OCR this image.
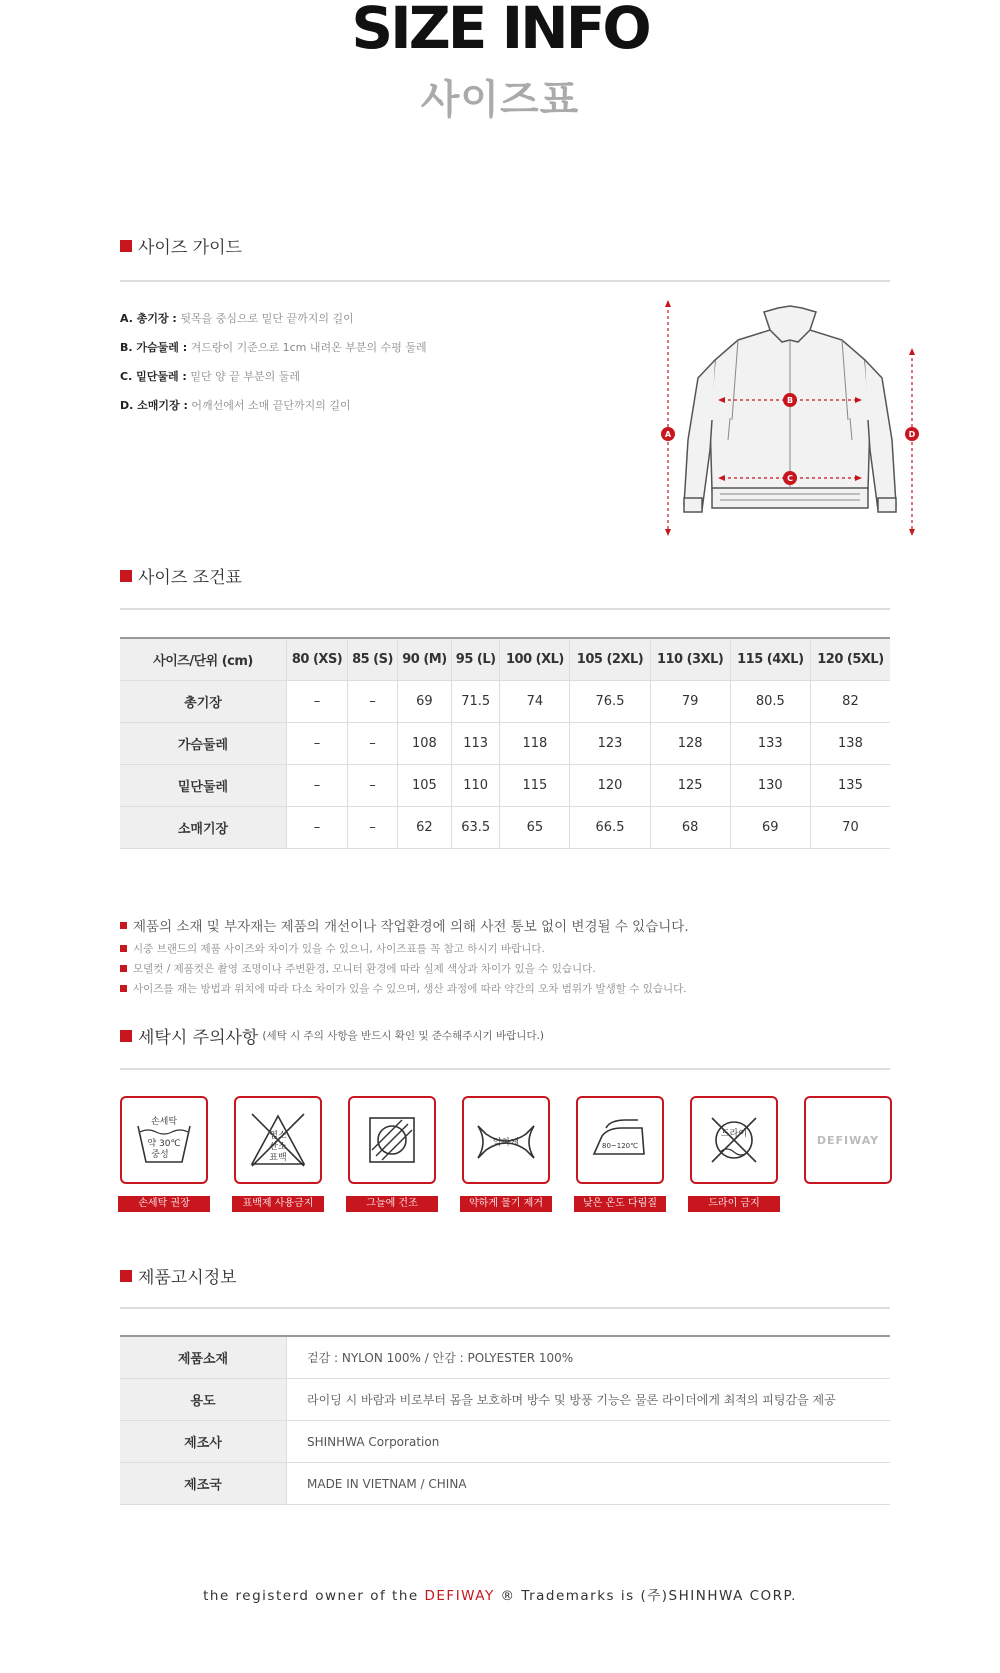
SIZE INFO
사이즈표
사이즈 가이드
A. 총기장 : 뒷목을 중심으로 밑단 끝까지의 길이
B. 가슴둘레 : 겨드랑이 기준으로 1cm 내려온 부분의 수평 둘레
C. 밑단둘레 : 밑단 양 끝 부분의 둘레
D. 소매기장 : 어깨선에서 소매 끝단까지의 길이
A
B
C
D
사이즈 조건표
사이즈/단위 (cm)	80 (XS)	85 (S)	90 (M)	95 (L)	100 (XL)	105 (2XL)	110 (3XL)	115 (4XL)	120 (5XL)
총기장	–	–	69	71.5	74	76.5	79	80.5	82
가슴둘레	–	–	108	113	118	123	128	133	138
밑단둘레	–	–	105	110	115	120	125	130	135
소매기장	–	–	62	63.5	65	66.5	68	69	70
제품의 소재 및 부자재는 제품의 개선이나 작업환경에 의해 사전 통보 없이 변경될 수 있습니다.
시중 브랜드의 제품 사이즈와 차이가 있을 수 있으니, 사이즈표를 꼭 참고 하시기 바랍니다.
모델컷 / 제품컷은 촬영 조명이나 주변환경, 모니터 환경에 따라 실제 색상과 차이가 있을 수 있습니다.
사이즈를 재는 방법과 위치에 따라 다소 차이가 있을 수 있으며, 생산 과정에 따라 약간의 오차 범위가 발생할 수 있습니다.
세탁시 주의사항 (세탁 시 주의 사항을 반드시 확인 및 준수해주시기 바랍니다.)
손세탁
약 30℃
중성
염소
산소
표백
약하게	80~120℃
드라이	DEFIWAY
손세탁 권장	표백제 사용금지	그늘에 건조	약하게 물기 제거	낮은 온도 다림질	드라이 금지
제품고시정보
제품소재	겉감 : NYLON 100% / 안감 : POLYESTER 100%
용도	라이딩 시 바람과 비로부터 몸을 보호하며 방수 및 방풍 기능은 물론 라이더에게 최적의 피팅감을 제공
제조사	SHINHWA Corporation
제조국	MADE IN VIETNAM / CHINA
the registerd owner of the DEFIWAY ® Trademarks is (주)SHINHWA CORP.
